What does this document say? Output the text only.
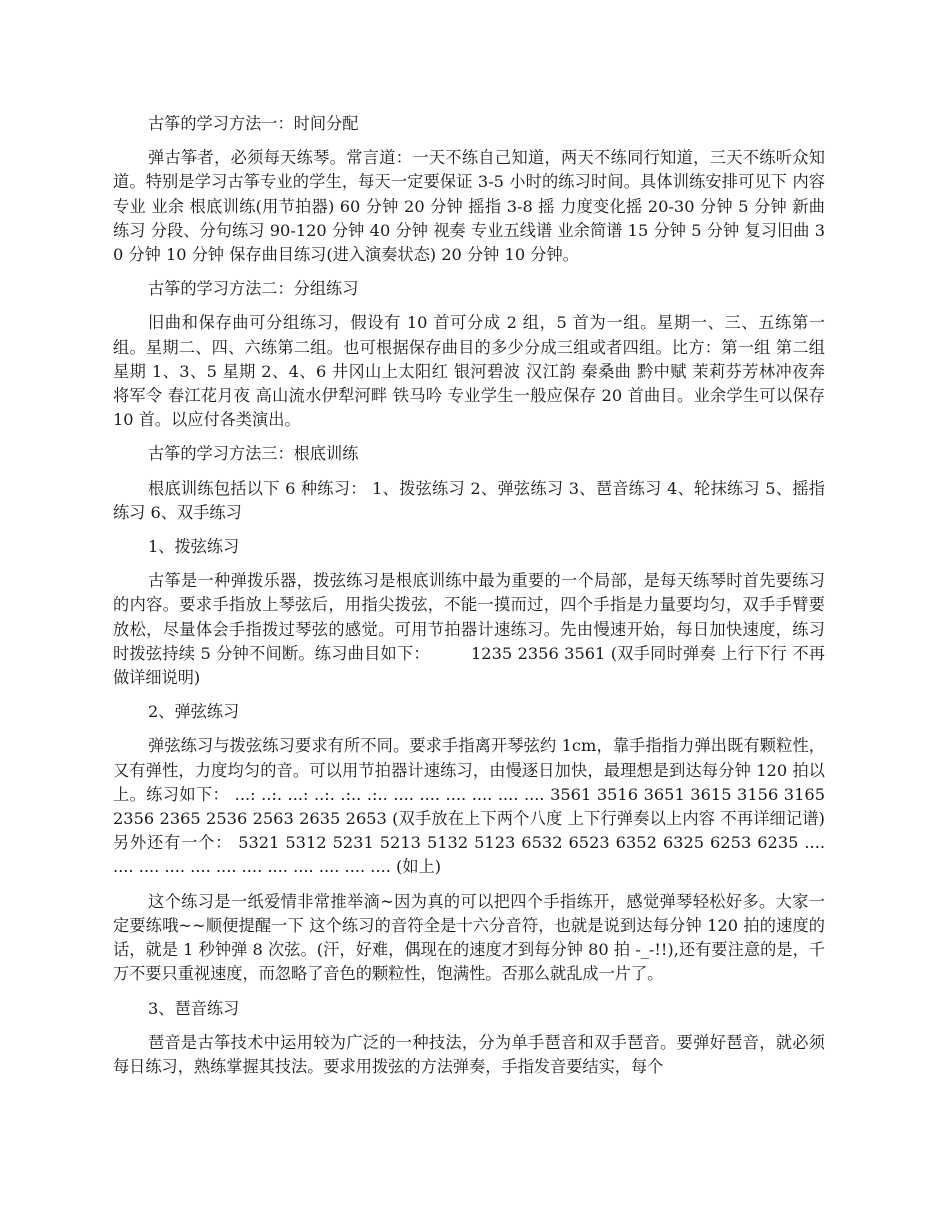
古筝的学习方法一：时间分配

弹古筝者，必须每天练琴。常言道：一天不练自己知道，两天不练同行知道，三天不练听众知道。特别是学习古筝专业的学生，每天一定要保证 3-5 小时的练习时间。具体训练安排可见下 内容 专业 业余 根底训练(用节拍器) 60 分钟 20 分钟 摇指 3-8 摇 力度变化摇 20-30 分钟 5 分钟 新曲练习 分段、分句练习 90-120 分钟 40 分钟 视奏 专业五线谱 业余简谱 15 分钟 5 分钟 复习旧曲 30 分钟 10 分钟 保存曲目练习(进入演奏状态) 20 分钟 10 分钟。

古筝的学习方法二：分组练习

旧曲和保存曲可分组练习，假设有 10 首可分成 2 组，5 首为一组。星期一、三、五练第一组。星期二、四、六练第二组。也可根据保存曲目的多少分成三组或者四组。比方：第一组 第二组 星期 1、3、5 星期 2、4、6 井冈山上太阳红 银河碧波 汉江韵 秦桑曲 黔中赋 茉莉芬芳林冲夜奔 将军令 春江花月夜 高山流水伊犁河畔 铁马吟 专业学生一般应保存 20 首曲目。业余学生可以保存 10 首。以应付各类演出。

古筝的学习方法三：根底训练

根底训练包括以下 6 种练习： 1、拨弦练习 2、弹弦练习 3、琶音练习 4、轮抹练习 5、摇指练习 6、双手练习

1、拨弦练习

古筝是一种弹拨乐器，拨弦练习是根底训练中最为重要的一个局部，是每天练琴时首先要练习的内容。要求手指放上琴弦后，用指尖拨弦，不能一摸而过，四个手指是力量要均匀，双手手臂要放松，尽量体会手指拨过琴弦的感觉。可用节拍器计速练习。先由慢速开始，每日加快速度，练习时拨弦持续 5 分钟不间断。练习曲目如下：　　　1235 2356 3561 (双手同时弹奏 上行下行 不再做详细说明)

2、弹弦练习

弹弦练习与拨弦练习要求有所不同。要求手指离开琴弦约 1cm，靠手指指力弹出既有颗粒性，又有弹性，力度均匀的音。可以用节拍器计速练习，由慢逐日加快，最理想是到达每分钟 120 拍以上。练习如下： ...: ..:. ...: ..:. .:.. .:.. .... .... .... .... .... .... 3561 3516 3651 3615 3156 3165 2356 2365 2536 2563 2635 2653 (双手放在上下两个八度 上下行弹奏以上内容 不再详细记谱) 另外还有一个： 5321 5312 5231 5213 5132 5123 6532 6523 6352 6325 6253 6235 .... .... .... .... .... .... .... .... .... .... .... .... (如上)

这个练习是一纸爱情非常推举滴~因为真的可以把四个手指练开，感觉弹琴轻松好多。大家一定要练哦~~顺便提醒一下 这个练习的音符全是十六分音符，也就是说到达每分钟 120 拍的速度的话，就是 1 秒钟弹 8 次弦。(汗，好难，偶现在的速度才到每分钟 80 拍 -_-!!),还有要注意的是，千万不要只重视速度，而忽略了音色的颗粒性，饱满性。否那么就乱成一片了。

3、琶音练习

琶音是古筝技术中运用较为广泛的一种技法，分为单手琶音和双手琶音。要弹好琶音，就必须每日练习，熟练掌握其技法。要求用拨弦的方法弹奏，手指发音要结实，每个
